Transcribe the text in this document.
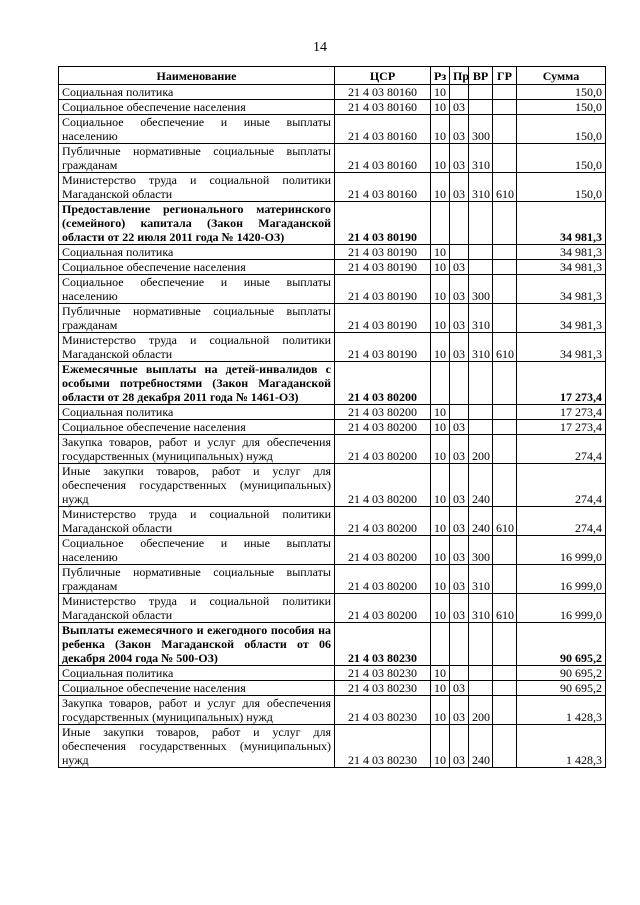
14
Наименование	ЦСР	Рз	Пр	ВР	ГР	Сумма
Социальная политика	21 4 03 80160	10				150,0
Социальное обеспечение населения	21 4 03 80160	10	03			150,0
Социальное обеспечение и иные выплаты населению	21 4 03 80160	10	03	300		150,0
Публичные нормативные социальные выплаты гражданам	21 4 03 80160	10	03	310		150,0
Министерство труда и социальной политики Магаданской области	21 4 03 80160	10	03	310	610	150,0
Предоставление регионального материнского (семейного) капитала (Закон Магаданской области от 22 июля 2011 года № 1420-ОЗ)	21 4 03 80190					34 981,3
Социальная политика	21 4 03 80190	10				34 981,3
Социальное обеспечение населения	21 4 03 80190	10	03			34 981,3
Социальное обеспечение и иные выплаты населению	21 4 03 80190	10	03	300		34 981,3
Публичные нормативные социальные выплаты гражданам	21 4 03 80190	10	03	310		34 981,3
Министерство труда и социальной политики Магаданской области	21 4 03 80190	10	03	310	610	34 981,3
Ежемесячные выплаты на детей-инвалидов с особыми потребностями (Закон Магаданской области от 28 декабря 2011 года № 1461-ОЗ)	21 4 03 80200					17 273,4
Социальная политика	21 4 03 80200	10				17 273,4
Социальное обеспечение населения	21 4 03 80200	10	03			17 273,4
Закупка товаров, работ и услуг для обеспечения государственных (муниципальных) нужд	21 4 03 80200	10	03	200		274,4
Иные закупки товаров, работ и услуг для обеспечения государственных (муниципальных) нужд	21 4 03 80200	10	03	240		274,4
Министерство труда и социальной политики Магаданской области	21 4 03 80200	10	03	240	610	274,4
Социальное обеспечение и иные выплаты населению	21 4 03 80200	10	03	300		16 999,0
Публичные нормативные социальные выплаты гражданам	21 4 03 80200	10	03	310		16 999,0
Министерство труда и социальной политики Магаданской области	21 4 03 80200	10	03	310	610	16 999,0
Выплаты ежемесячного и ежегодного пособия на ребенка (Закон Магаданской области от 06 декабря 2004 года № 500-ОЗ)	21 4 03 80230					90 695,2
Социальная политика	21 4 03 80230	10				90 695,2
Социальное обеспечение населения	21 4 03 80230	10	03			90 695,2
Закупка товаров, работ и услуг для обеспечения государственных (муниципальных) нужд	21 4 03 80230	10	03	200		1 428,3
Иные закупки товаров, работ и услуг для обеспечения государственных (муниципальных) нужд	21 4 03 80230	10	03	240		1 428,3
